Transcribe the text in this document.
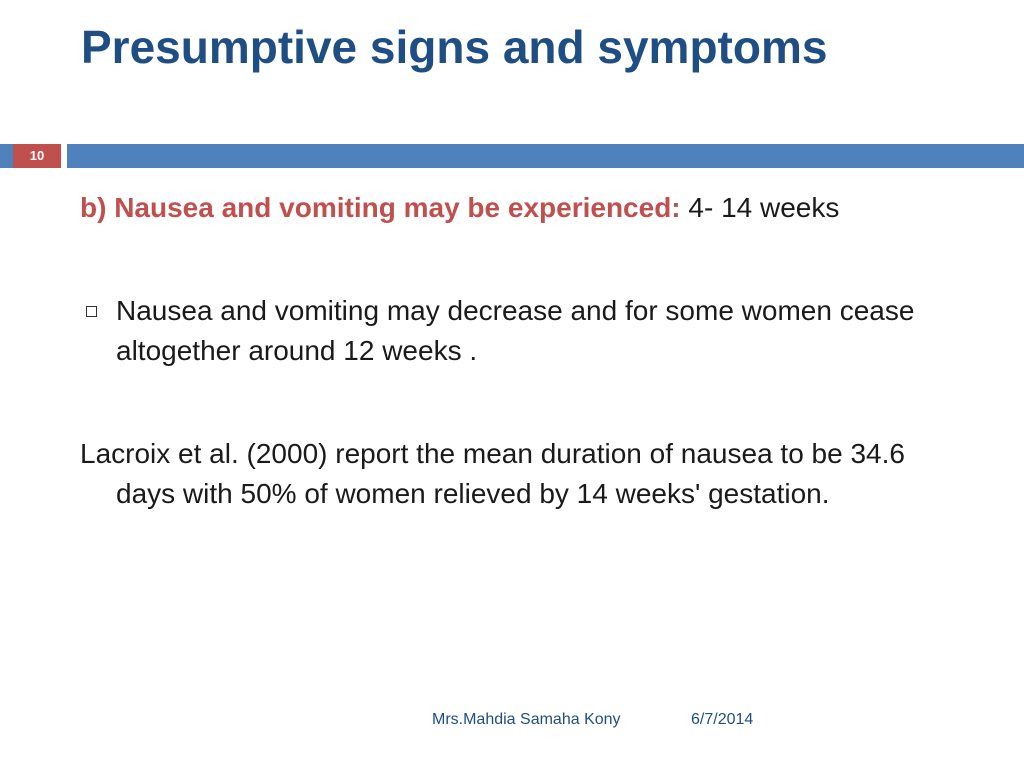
Presumptive signs and symptoms
10

b) Nausea and vomiting may be experienced: 4- 14 weeks

Nausea and vomiting may decrease and for some women cease altogether around 12 weeks .

Lacroix et al. (2000) report the mean duration of nausea to be 34.6 days with 50% of women relieved by 14 weeks' gestation.

Mrs.Mahdia Samaha Kony	6/7/2014
